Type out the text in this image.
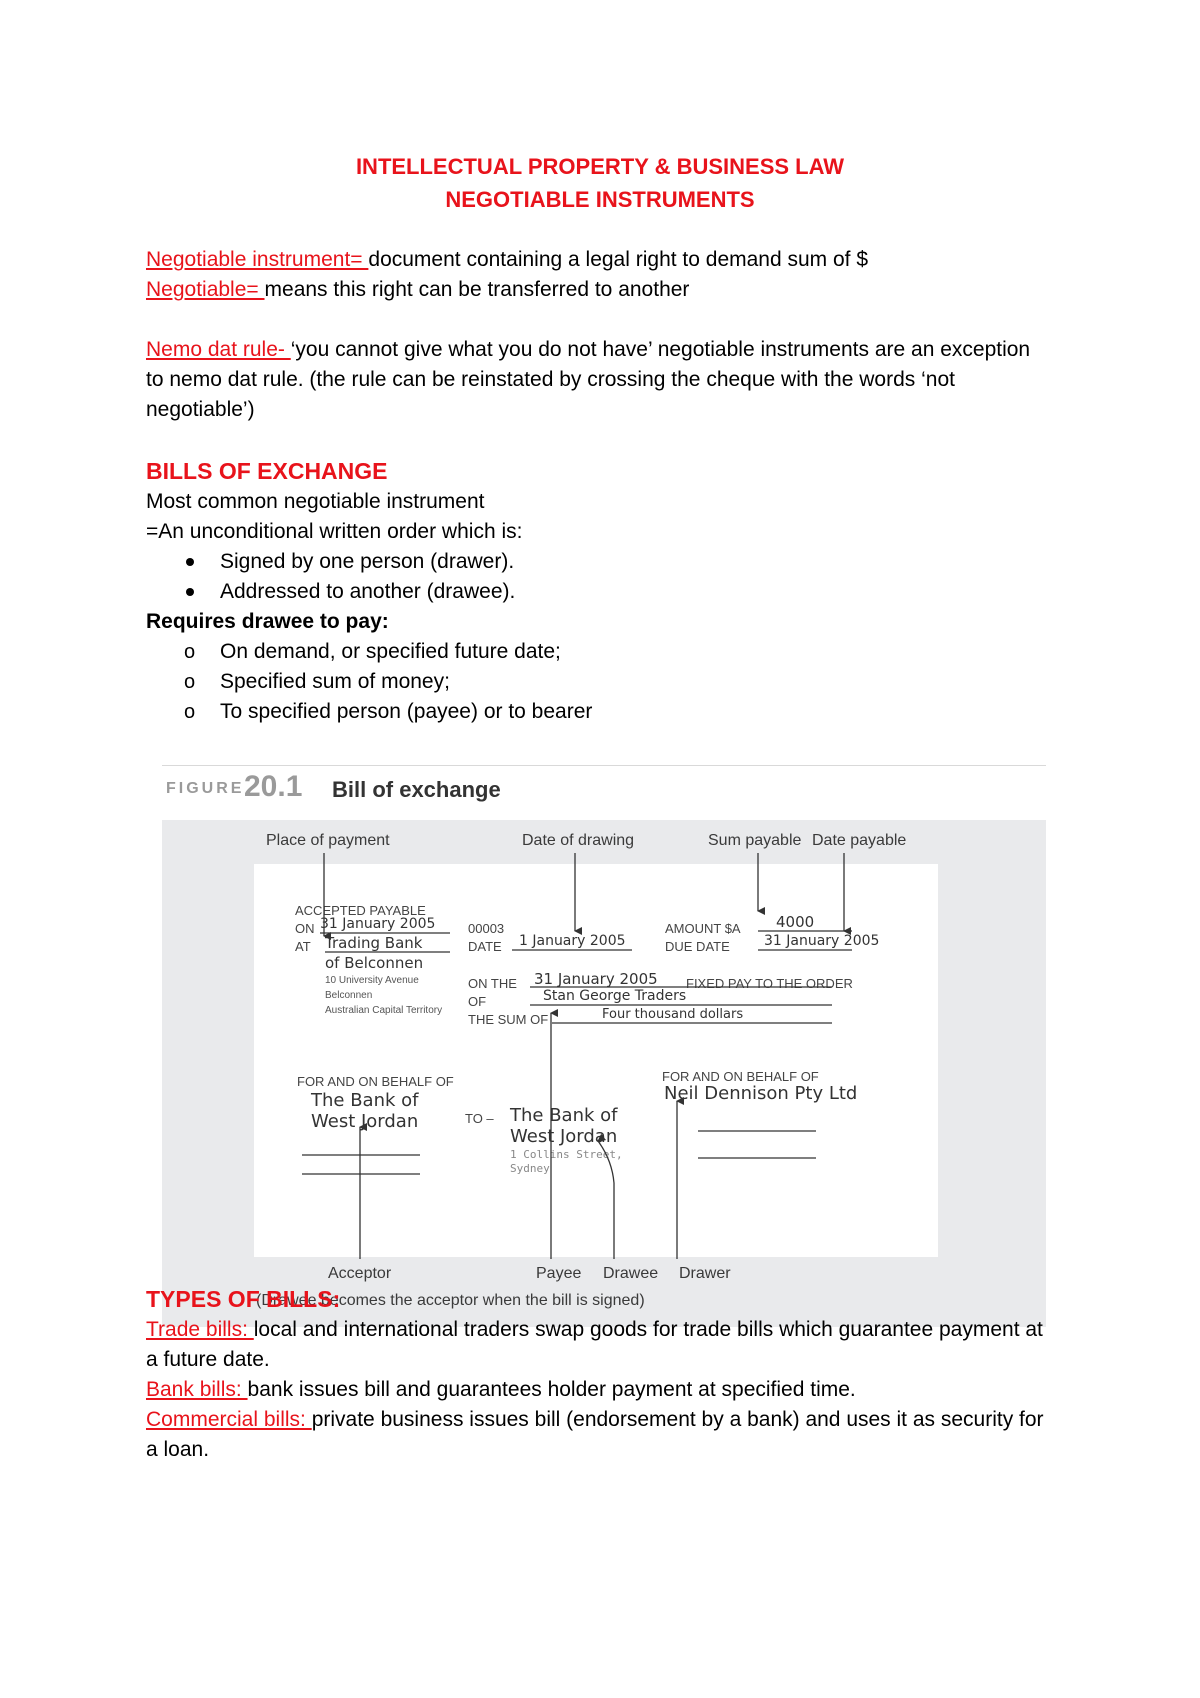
INTELLECTUAL PROPERTY & BUSINESS LAW
NEGOTIABLE INSTRUMENTS
Negotiable instrument= document containing a legal right to demand sum of $
Negotiable= means this right can be transferred to another
Nemo dat rule- ‘you cannot give what you do not have’ negotiable instruments are an exception to nemo dat rule. (the rule can be reinstated by crossing the cheque with the words ‘not negotiable’)
BILLS OF EXCHANGE
Most common negotiable instrument
=An unconditional written order which is:
Signed by one person (drawer).
Addressed to another (drawee).
Requires drawee to pay:
o On demand, or specified future date;
o Specified sum of money;
o To specified person (payee) or to bearer
FIGURE 20.1 Bill of exchange
Place of payment	Date of drawing	Sum payable Date payable
ACCEPTED PAYABLE
ON 31 January 2005
AT Trading Bank
of Belconnen
10 University Avenue
Belconnen
Australian Capital Territory
00003
DATE 1 January 2005
AMOUNT $A 4000
DUE DATE 31 January 2005
ON THE 31 January 2005 FIXED PAY TO THE ORDER
OF	Stan George Traders
THE SUM OF	Four thousand dollars
FOR AND ON BEHALF OF
The Bank of
West Jordan	TO – The Bank of
West Jordan
1 Collins Street,
Sydney
FOR AND ON BEHALF OF
Neil Dennison Pty Ltd
Acceptor	Payee Drawee Drawer
(Drawee becomes the acceptor when the bill is signed)
TYPES OF BILLS:
Trade bills: local and international traders swap goods for trade bills which guarantee payment at a future date.
Bank bills: bank issues bill and guarantees holder payment at specified time.
Commercial bills: private business issues bill (endorsement by a bank) and uses it as security for a loan.
